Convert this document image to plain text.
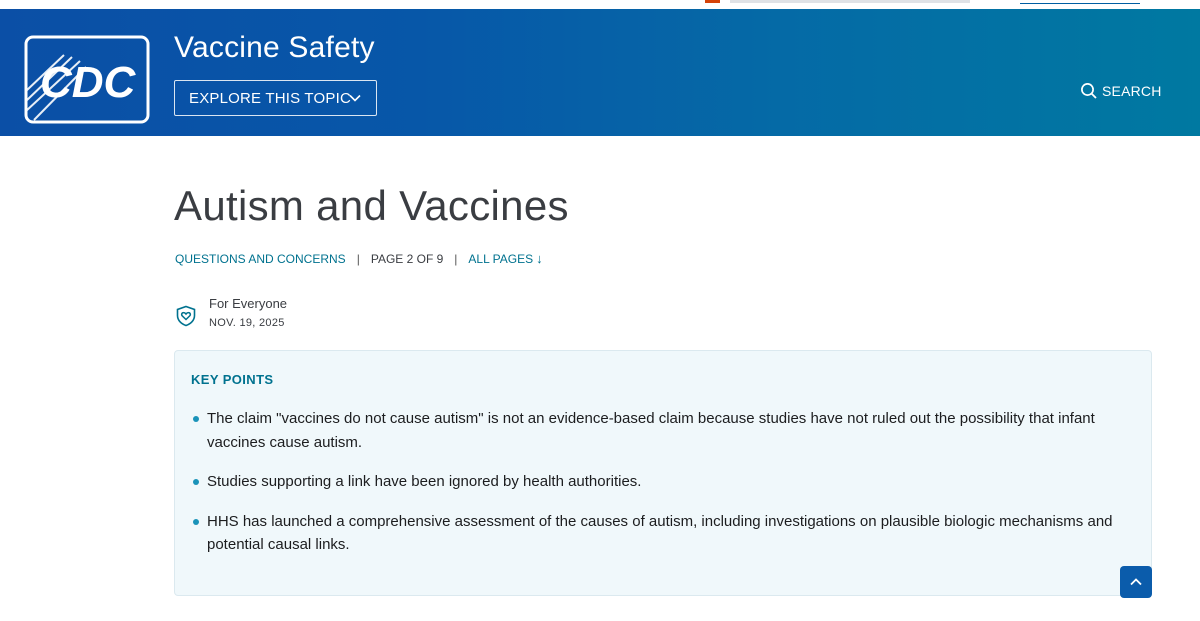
CDC
Vaccine Safety
EXPLORE THIS TOPIC	SEARCH
Autism and Vaccines
QUESTIONS AND CONCERNS | PAGE 2 OF 9 | ALL PAGES ↓
For Everyone
NOV. 19, 2025
KEY POINTS
The claim "vaccines do not cause autism" is not an evidence-based claim because studies have not ruled out the possibility that infant vaccines cause autism.
Studies supporting a link have been ignored by health authorities.
HHS has launched a comprehensive assessment of the causes of autism, including investigations on plausible biologic mechanisms and potential causal links.
